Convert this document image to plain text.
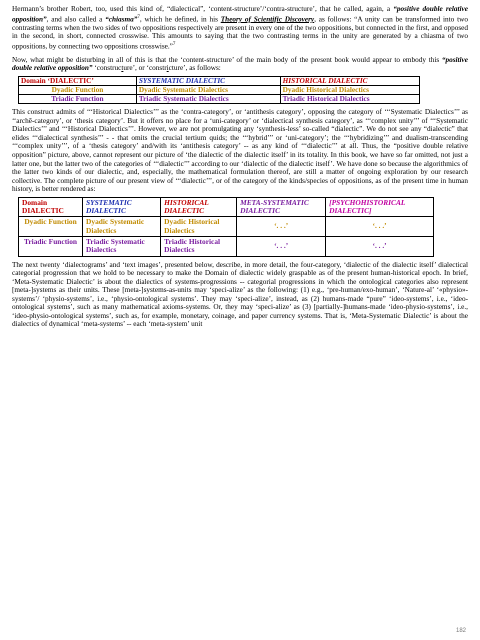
Hermann’s brother Robert, too, used this kind of, “dialectical”, ‘content-structure’/‘contra-structure’, that he called, again, a “positive double relative opposition”, and also called a “chiasma”$^7$, which he defined, in his Theory of Scientific Discovery, as follows: “A unity can be transformed into two contrasting terms when the two sides of two oppositions respectively are present in every one of the two oppositions, but connected in the first, and opposed in the second, in short, connected crosswise. This amounts to saying that the two contrasting terms in the unity are generated by a chiasma of two oppositions, by connecting two oppositions crosswise.”$^7$

Now, what might be disturbing in all of this is that the ‘content-structure’ of the main body of the present book would appear to embody this “positive double relative opposition” ‘constructure’, or ‘constricture’, as follows:

Domain ‘DIALECTIC’	SYSTEMATIC DIALECTIC	HISTORICAL DIALECTIC
Dyadic Function	Dyadic Systematic Dialectics	Dyadic Historical Dialectics
Triadic Function	Triadic Systematic Dialectics	Triadic Historical Dialectics

This construct admits of ‘‘‘Historical Dialectics’’’ as the ‘contra-category’, or ‘antithesis category’, opposing the category of ‘‘‘Systematic Dialectics’’’ as ‘‘archē-category’, or ‘thesis category’. But it offers no place for a ‘uni-category’ or ‘dialectical synthesis category’, as ‘‘‘complex unity’’’ of ‘‘‘Systematic Dialectics’’’ and ‘‘‘Historical Dialectics’’’. However, we are not promulgating any ‘synthesis-less’ so-called “dialectic”. We do not see any “dialectic” that elides ‘‘‘dialectical synthesis’’’ - - that omits the crucial tertium quids; the ‘‘‘hybrid’’’ or ‘uni-category’; the ‘‘‘hybridizing’’’ and dualism-transcending ‘‘‘complex unity’’’, of a ‘thesis category’ and/with its ‘antithesis category’ -- as any kind of ‘‘‘dialectic’’’ at all. Thus, the “positive double relative opposition” picture, above, cannot represent our picture of ‘the dialectic of the dialectic itself’ in its totality. In this book, we have so far omitted, not just a latter one, but the latter two of the categories of ‘‘‘dialectic’’’ according to our ‘dialectic of the dialectic itself’. We have done so because the algorithmics of the latter two kinds of our dialectic, and, especially, the mathematical formulation thereof, are still a matter of ongoing exploration by our research collective. The complete picture of our present view of ‘‘‘dialectic’’’, or of the category of the kinds/species of oppositions, as of the present time in human history, is better rendered as:

Domain DIALECTIC	SYSTEMATIC DIALECTIC	HISTORICAL DIALECTIC	META-SYSTEMATIC DIALECTIC	[PSYCHOHISTORICAL DIALECTIC]
Dyadic Function	Dyadic Systematic Dialectics	Dyadic Historical Dialectics	‘. . .’	‘. . .’
Triadic Function	Triadic Systematic Dialectics	Triadic Historical Dialectics	‘. . .’	‘. . .’

The next twenty ‘dialectograms’ and ‘text images’, presented below, describe, in more detail, the four-category, ‘dialectic of the dialectic itself’ dialectical categorial progression that we hold to be necessary to make the Domain of dialectic widely graspable as of the present human-historical epoch. In brief, ‘Meta-Systematic Dialectic’ is about the dialectics of systems-progressions -- categorial progressions in which the ontological categories also represent [meta-]systems as their units. These [meta-]systems-as-units may ‘speci-alize’ as the following: (1) e.g., ‘pre-human/exo-human’, ‘Nature-al’ ‘«physio»-systems’/ ‘physio-systems’, i.e., ‘physio-ontological systems’. They may ‘speci-alize’, instead, as (2) humans-made “pure” ‘ideo-systems’, i.e., ‘ideo-ontological systems’, such as many mathematical axioms-systems. Or, they may ‘speci-alize’ as (3) [partially-]humans-made ‘ideo-physio-systems’, i.e., ‘ideo-physio-ontological systems’, such as, for example, monetary, coinage, and paper currency systems. That is, ‘Meta-Systematic Dialectic’ is about the dialectics of dynamical ‘meta-systems’ -- each ‘meta-system’ unit

182
